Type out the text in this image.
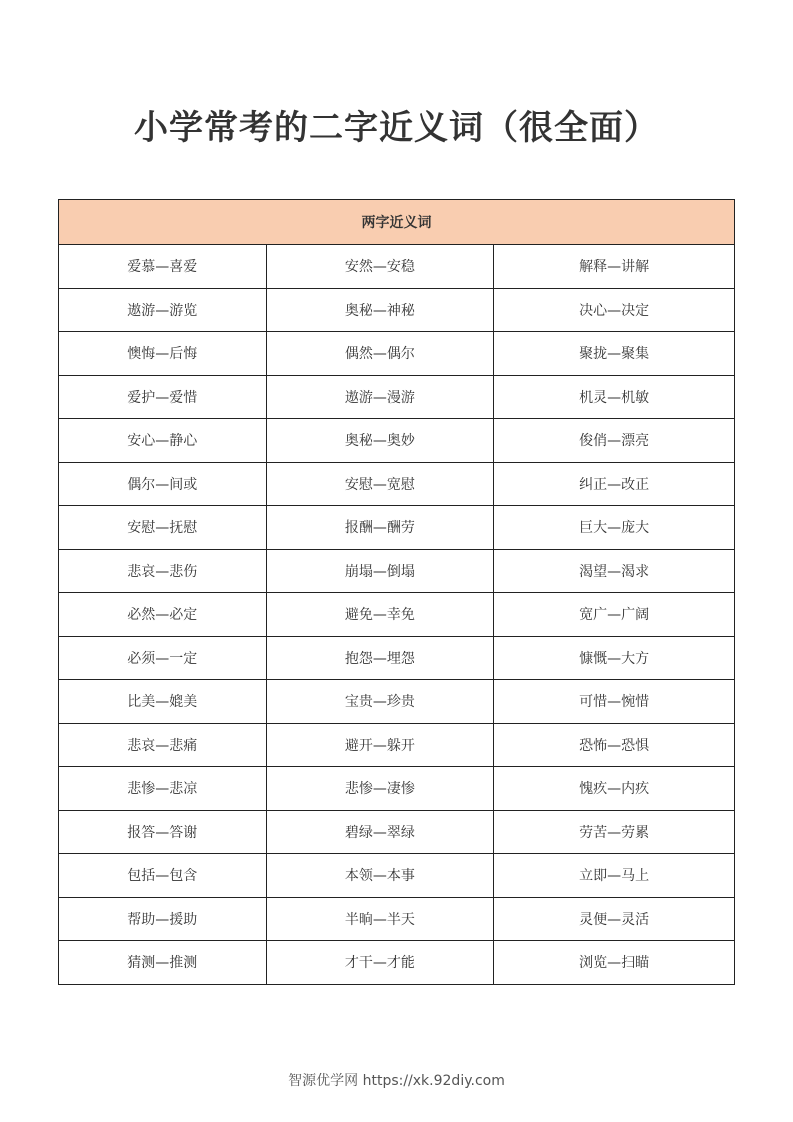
小学常考的二字近义词（很全面）
两字近义词		
爱慕—喜爱	安然—安稳	解释—讲解
遨游—游览	奥秘—神秘	决心—决定
懊悔—后悔	偶然—偶尔	聚拢—聚集
爱护—爱惜	遨游—漫游	机灵—机敏
安心—静心	奥秘—奥妙	俊俏—漂亮
偶尔—间或	安慰—宽慰	纠正—改正
安慰—抚慰	报酬—酬劳	巨大—庞大
悲哀—悲伤	崩塌—倒塌	渴望—渴求
必然—必定	避免—幸免	宽广—广阔
必须—一定	抱怨—埋怨	慷慨—大方
比美—媲美	宝贵—珍贵	可惜—惋惜
悲哀—悲痛	避开—躲开	恐怖—恐惧
悲惨—悲凉	悲惨—凄惨	愧疚—内疚
报答—答谢	碧绿—翠绿	劳苦—劳累
包括—包含	本领—本事	立即—马上
帮助—援助	半晌—半天	灵便—灵活
猜测—推测	才干—才能	浏览—扫瞄

智源优学网 https://xk.92diy.com
